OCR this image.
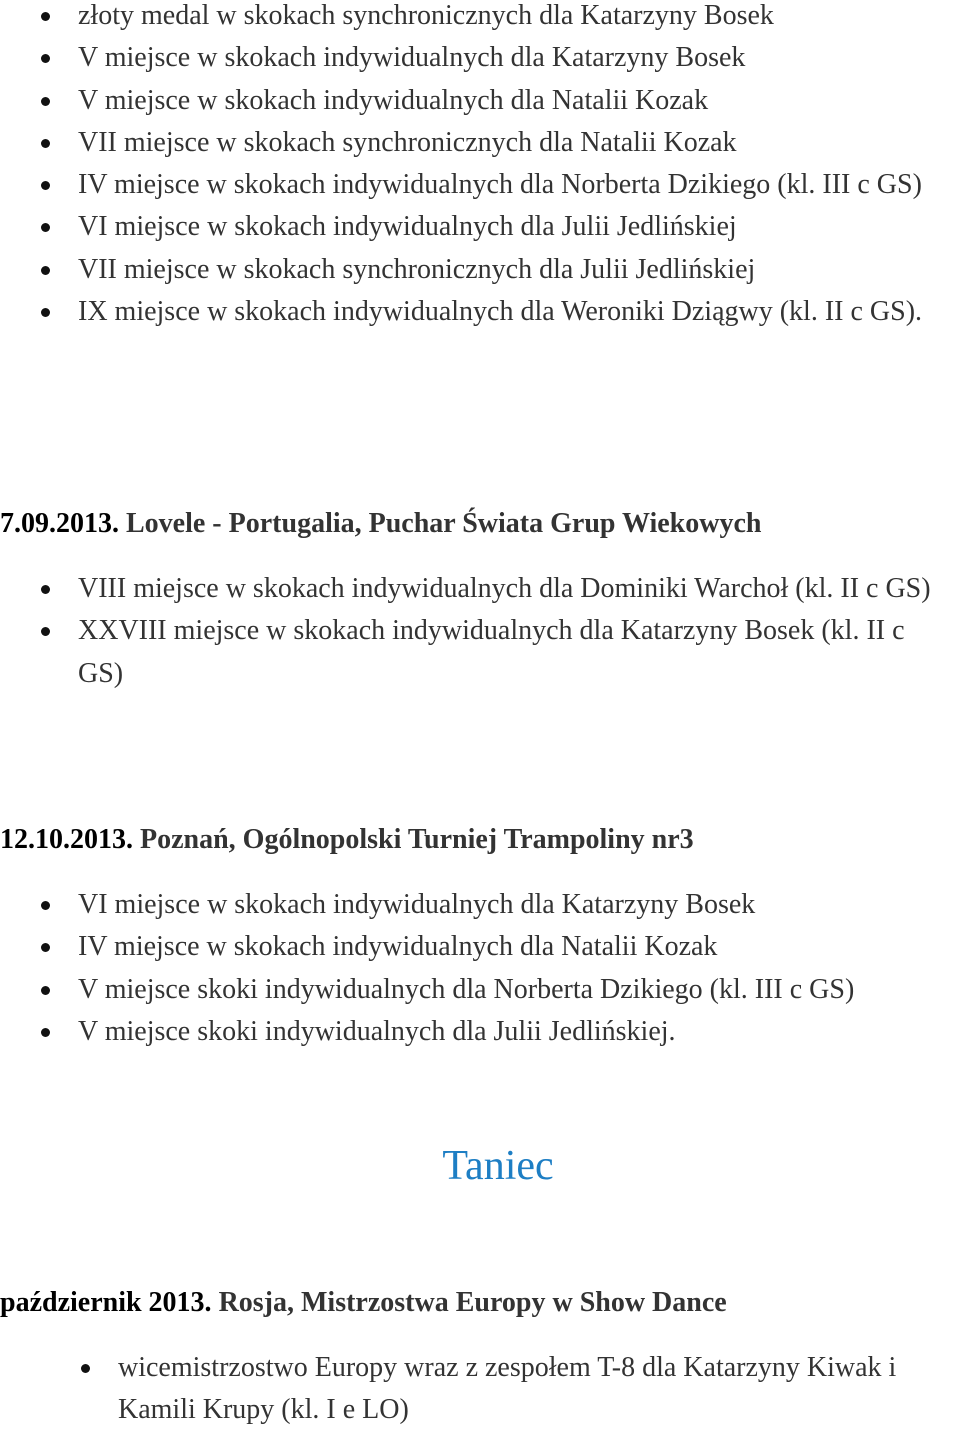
złoty medal w skokach synchronicznych dla Katarzyny Bosek
V miejsce w skokach indywidualnych dla Katarzyny Bosek
V miejsce w skokach indywidualnych dla Natalii Kozak
VII miejsce w skokach synchronicznych dla Natalii Kozak
IV miejsce w skokach indywidualnych dla Norberta Dzikiego (kl. III c GS)
VI miejsce w skokach indywidualnych dla Julii Jedlińskiej
VII miejsce w skokach synchronicznych dla Julii Jedlińskiej
IX miejsce w skokach indywidualnych dla Weroniki Dziągwy (kl. II c GS).
7.09.2013. Lovele - Portugalia, Puchar Świata Grup Wiekowych
VIII miejsce w skokach indywidualnych dla Dominiki Warchoł (kl. II c GS)
XXVIII miejsce w skokach indywidualnych dla Katarzyny Bosek (kl. II c GS)
12.10.2013. Poznań, Ogólnopolski Turniej Trampoliny nr3
VI miejsce w skokach indywidualnych dla Katarzyny Bosek
IV miejsce w skokach indywidualnych dla Natalii Kozak
V miejsce skoki indywidualnych dla Norberta Dzikiego (kl. III c GS)
V miejsce skoki indywidualnych dla Julii Jedlińskiej.
Taniec
październik 2013. Rosja, Mistrzostwa Europy w Show Dance
wicemistrzostwo Europy wraz z zespołem T-8 dla Katarzyny Kiwak i Kamili Krupy (kl. I e LO)
